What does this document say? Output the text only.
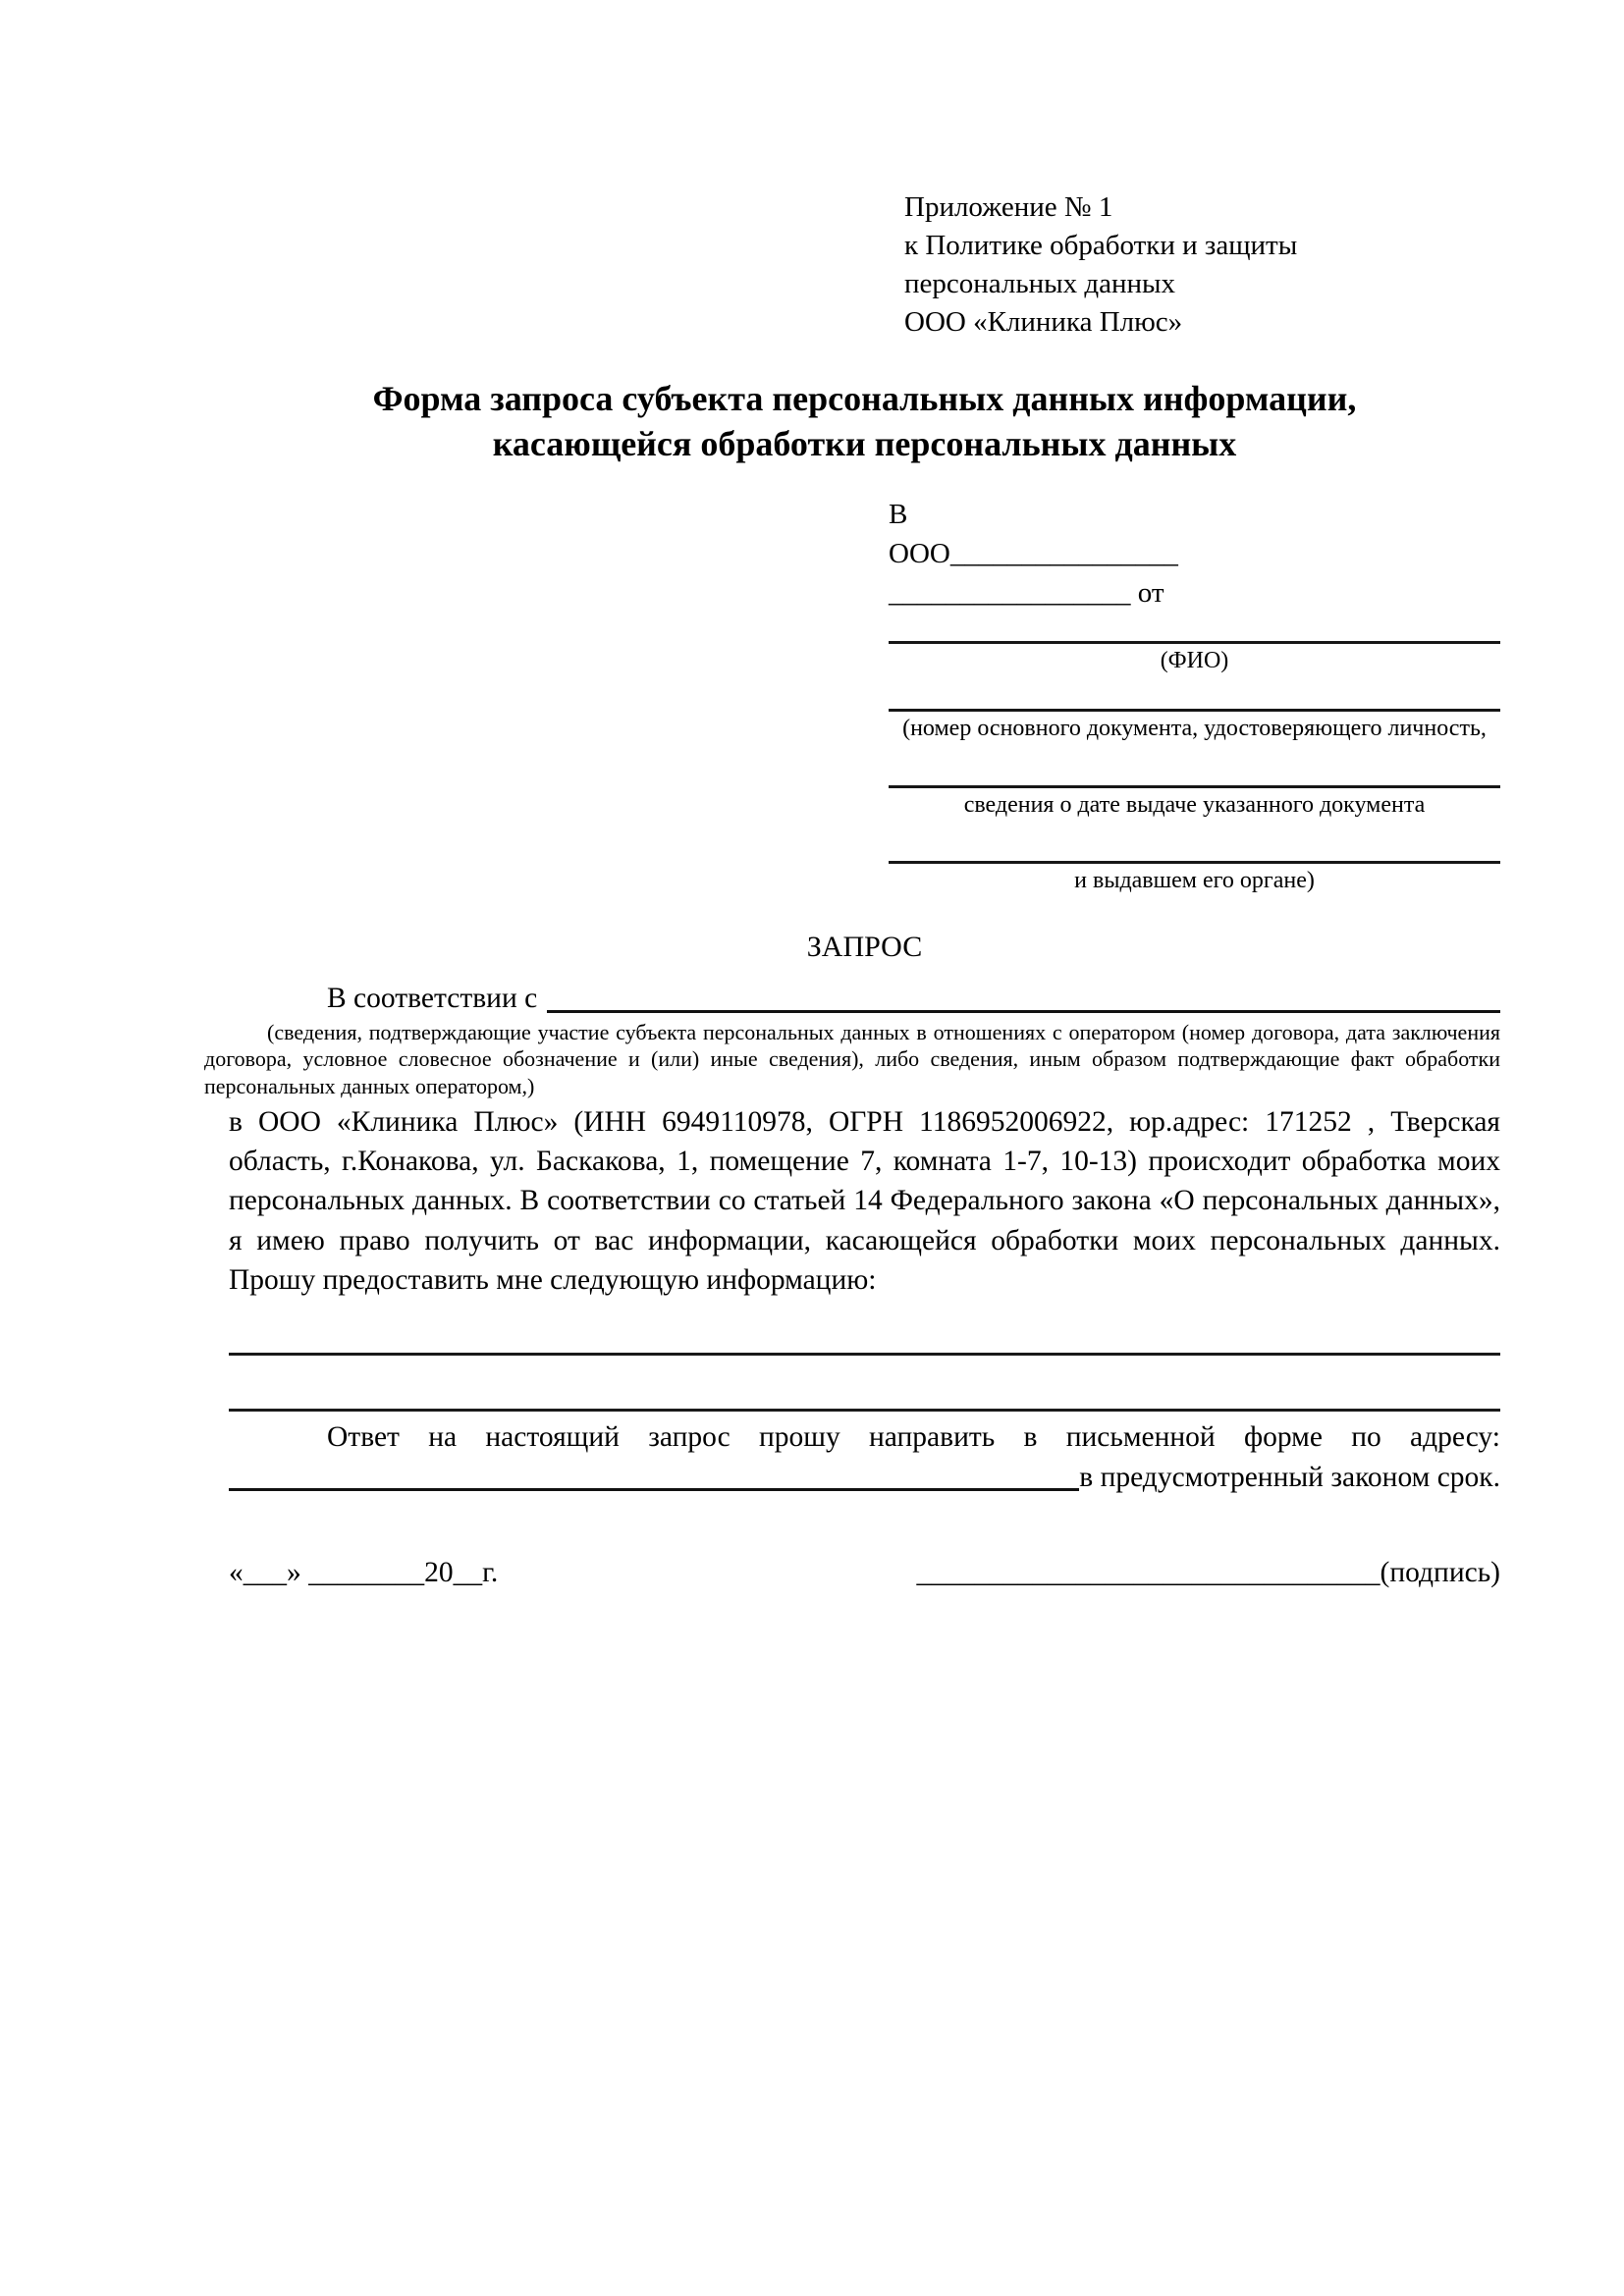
Приложение № 1
к Политике обработки и защиты
персональных данных
ООО «Клиника Плюс»
Форма запроса субъекта персональных данных информации,
касающейся обработки персональных данных
В
ООО________________
_________________ от
(ФИО)
(номер основного документа, удостоверяющего личность,
сведения о дате выдаче указанного документа
и выдавшем его органе)
ЗАПРОС
В соответствии с
(сведения, подтверждающие участие субъекта персональных данных в отношениях с оператором (номер договора, дата заключения договора, условное словесное обозначение и (или) иные сведения), либо сведения, иным образом подтверждающие факт обработки персональных данных оператором,)
в ООО «Клиника Плюс» (ИНН 6949110978, ОГРН 1186952006922, юр.адрес: 171252 , Тверская область, г.Конакова, ул. Баскакова, 1, помещение 7, комната 1-7, 10-13) происходит обработка моих персональных данных. В соответствии со статьей 14 Федерального закона «О персональных данных», я имею право получить от вас информации, касающейся обработки моих персональных данных. Прошу предоставить мне следующую информацию:
Ответ на настоящий запрос прошу направить в письменной форме по адресу:
в предусмотренный законом срок.
«___» ________20__г.	________________________________(подпись)
